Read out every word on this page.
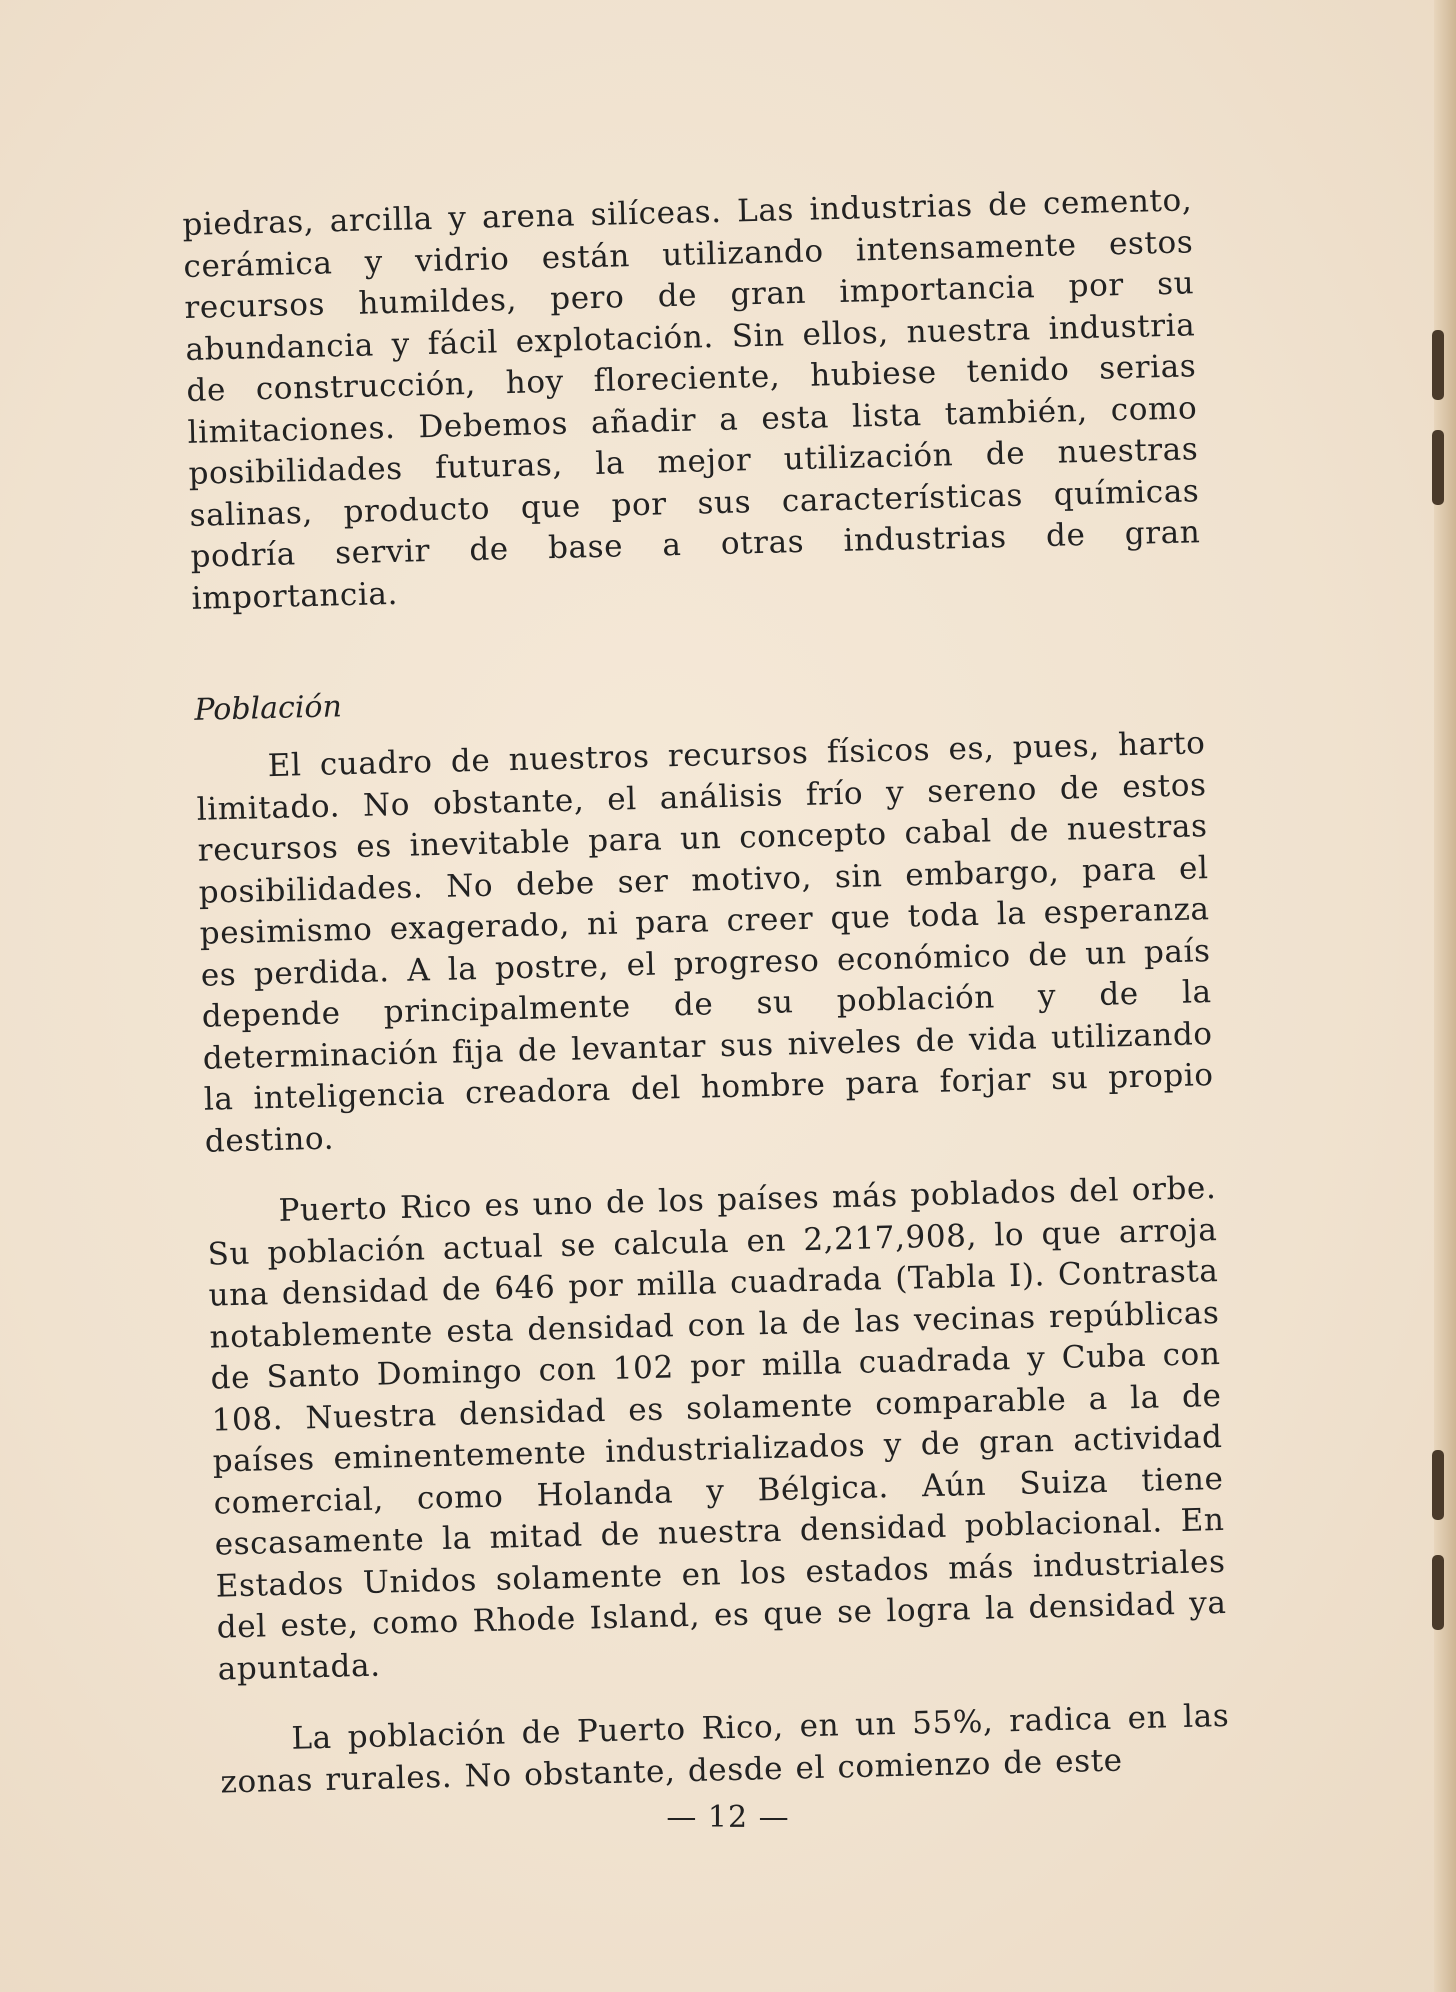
piedras, arcilla y arena silíceas. Las industrias de cemento, cerámica y vidrio están utilizando intensamente estos recursos humildes, pero de gran importancia por su abundancia y fácil explotación. Sin ellos, nuestra industria de construcción, hoy floreciente, hubiese tenido serias limitaciones. Debemos añadir a esta lista también, como posibilidades futuras, la mejor utilización de nuestras salinas, producto que por sus características químicas podría servir de base a otras industrias de gran importancia.

Población

El cuadro de nuestros recursos físicos es, pues, harto limitado. No obstante, el análisis frío y sereno de estos recursos es inevitable para un concepto cabal de nuestras posibilidades. No debe ser motivo, sin embargo, para el pesimismo exagerado, ni para creer que toda la esperanza es perdida. A la postre, el progreso económico de un país depende principalmente de su población y de la determinación fija de levantar sus niveles de vida utilizando la inteligencia creadora del hombre para forjar su propio destino.

Puerto Rico es uno de los países más poblados del orbe. Su población actual se calcula en 2,217,908, lo que arroja una densidad de 646 por milla cuadrada (Tabla I). Contrasta notablemente esta densidad con la de las vecinas repúblicas de Santo Domingo con 102 por milla cuadrada y Cuba con 108. Nuestra densidad es solamente comparable a la de países eminentemente industrializados y de gran actividad comercial, como Holanda y Bélgica. Aún Suiza tiene escasamente la mitad de nuestra densidad poblacional. En Estados Unidos solamente en los estados más industriales del este, como Rhode Island, es que se logra la densidad ya apuntada.

La población de Puerto Rico, en un 55%, radica en las zonas rurales. No obstante, desde el comienzo de este

— 12 —
